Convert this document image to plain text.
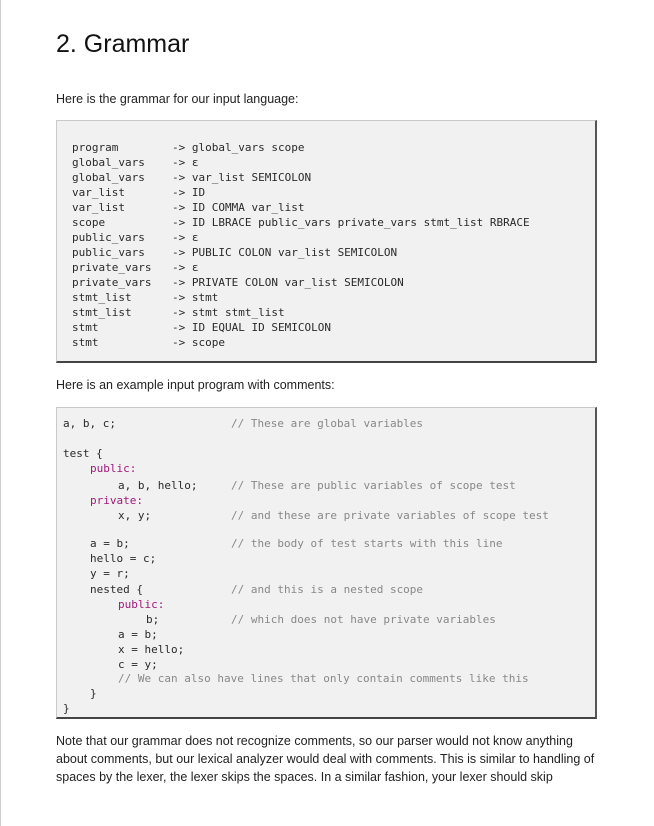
2. Grammar

Here is the grammar for our input language:

program	-> global_vars scope
global_vars -> ε
global_vars -> var_list SEMICOLON
var_list	-> ID
var_list	-> ID COMMA var_list
scope	-> ID LBRACE public_vars private_vars stmt_list RBRACE
public_vars -> ε
public_vars -> PUBLIC COLON var_list SEMICOLON
private_vars -> ε
private_vars -> PRIVATE COLON var_list SEMICOLON
stmt_list	-> stmt
stmt_list	-> stmt stmt_list
stmt	-> ID EQUAL ID SEMICOLON
stmt	-> scope

Here is an example input program with comments:

a, b, c;	// These are global variables
test {
public:
a, b, hello;	// These are public variables of scope test
private:
x, y;	// and these are private variables of scope test
a = b;	// the body of test starts with this line
hello = c;
y = r;
nested {	// and this is a nested scope
public:
b;	// which does not have private variables
a = b;
x = hello;
c = y;
// We can also have lines that only contain comments like this
}
}

Note that our grammar does not recognize comments, so our parser would not know anything about comments, but our lexical analyzer would deal with comments. This is similar to handling of spaces by the lexer, the lexer skips the spaces. In a similar fashion, your lexer should skip
